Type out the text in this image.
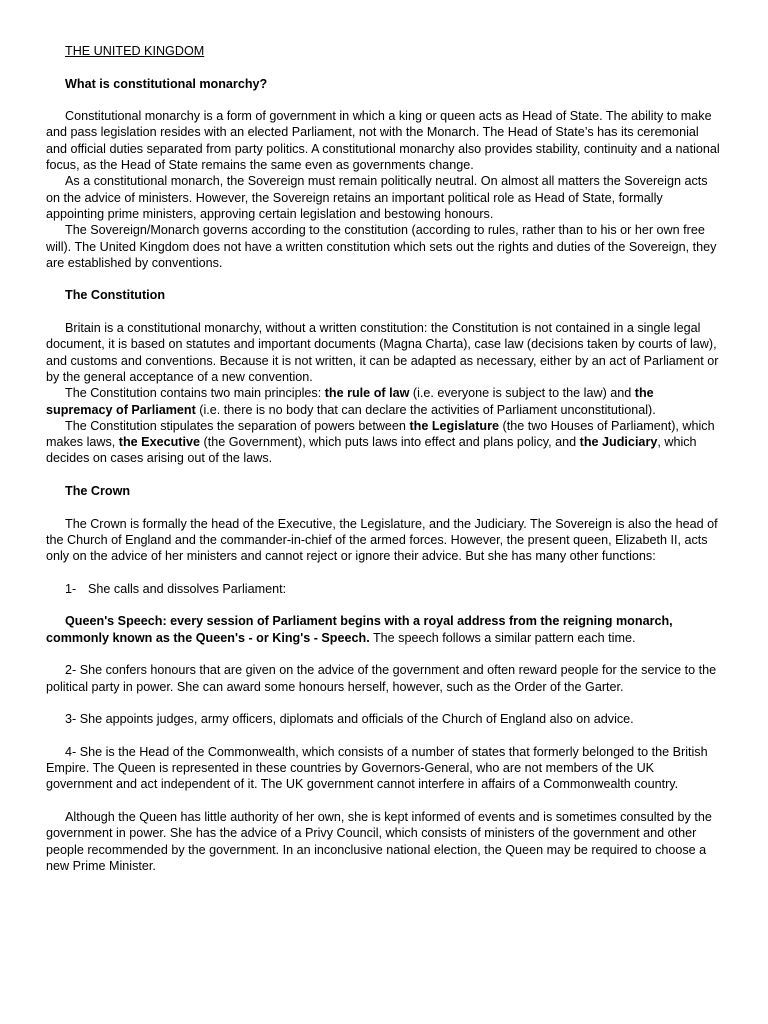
THE UNITED KINGDOM

What is constitutional monarchy?

Constitutional monarchy is a form of government in which a king or queen acts as Head of State. The ability to make and pass legislation resides with an elected Parliament, not with the Monarch. The Head of State’s has its ceremonial and official duties separated from party politics. A constitutional monarchy also provides stability, continuity and a national focus, as the Head of State remains the same even as governments change.

As a constitutional monarch, the Sovereign must remain politically neutral. On almost all matters the Sovereign acts on the advice of ministers. However, the Sovereign retains an important political role as Head of State, formally appointing prime ministers, approving certain legislation and bestowing honours.

The Sovereign/Monarch governs according to the constitution (according to rules, rather than to his or her own free will). The United Kingdom does not have a written constitution which sets out the rights and duties of the Sovereign, they are established by conventions.

The Constitution

Britain is a constitutional monarchy, without a written constitution: the Constitution is not contained in a single legal document, it is based on statutes and important documents (Magna Charta), case law (decisions taken by courts of law), and customs and conventions. Because it is not written, it can be adapted as necessary, either by an act of Parliament or by the general acceptance of a new convention.

The Constitution contains two main principles: the rule of law (i.e. everyone is subject to the law) and the supremacy of Parliament (i.e. there is no body that can declare the activities of Parliament unconstitutional).

The Constitution stipulates the separation of powers between the Legislature (the two Houses of Parliament), which makes laws, the Executive (the Government), which puts laws into effect and plans policy, and the Judiciary, which decides on cases arising out of the laws.

The Crown

The Crown is formally the head of the Executive, the Legislature, and the Judiciary. The Sovereign is also the head of the Church of England and the commander-in-chief of the armed forces. However, the present queen, Elizabeth II, acts only on the advice of her ministers and cannot reject or ignore their advice. But she has many other functions:

1- She calls and dissolves Parliament:

Queen's Speech: every session of Parliament begins with a royal address from the reigning monarch, commonly known as the Queen's - or King's - Speech. The speech follows a similar pattern each time.

2- She confers honours that are given on the advice of the government and often reward people for the service to the political party in power. She can award some honours herself, however, such as the Order of the Garter.

3- She appoints judges, army officers, diplomats and officials of the Church of England also on advice.

4- She is the Head of the Commonwealth, which consists of a number of states that formerly belonged to the British Empire. The Queen is represented in these countries by Governors-General, who are not members of the UK government and act independent of it. The UK government cannot interfere in affairs of a Commonwealth country.

Although the Queen has little authority of her own, she is kept informed of events and is sometimes consulted by the government in power. She has the advice of a Privy Council, which consists of ministers of the government and other people recommended by the government. In an inconclusive national election, the Queen may be required to choose a new Prime Minister.
